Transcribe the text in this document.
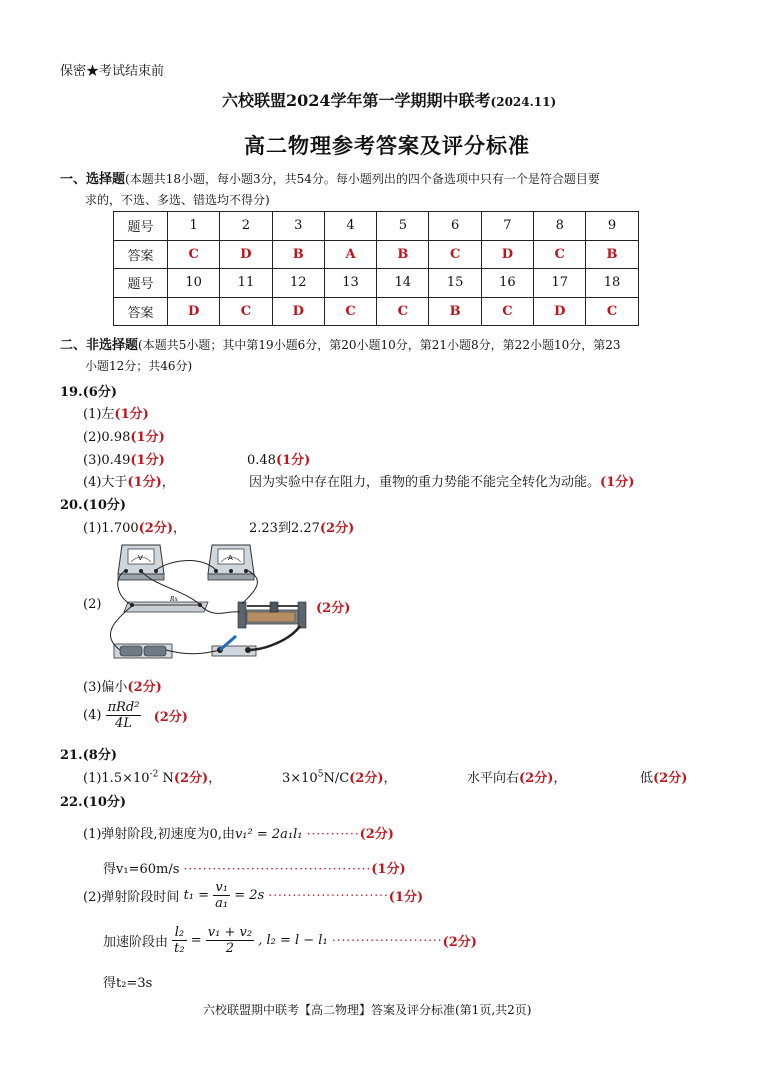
保密★考试结束前
六校联盟2024学年第一学期期中联考(2024.11)
高二物理参考答案及评分标准
一、选择题(本题共18小题，每小题3分，共54分。每小题列出的四个备选项中只有一个是符合题目要
求的，不选、多选、错选均不得分)
题号	1	2	3	4	5	6	7	8	9
答案	C	D	B	A	B	C	D	C	B
题号	10	11	12	13	14	15	16	17	18
答案	D	C	D	C	C	B	C	D	C
二、非选择题(本题共5小题；其中第19小题6分，第20小题10分，第21小题8分，第22小题10分，第23
小题12分；共46分)
19.(6分)
(1)左(1分)
(2)0.98(1分)
(3)0.49(1分)	0.48(1分)
(4)大于(1分)，	因为实验中存在阻力，重物的重力势能不能完全转化为动能。(1分)
20.(10分)
(1)1.700(2分)，	2.23到2.27(2分)
(2)
V	A
Rx
(2分)
(3)偏小(2分)
$(4) \frac{\text{πRd²}}{4L} (2$分)
21.(8分)
$(1)1.5\times 10^{-2}$ N(2分)，	$3\times 10^5N/C(2$分)，	水平向右(2分)，	低(2分)
22.(10分)
(1)弹射阶段,初速度为0,由v₁² = 2a₁l₁ ···········(2分)
得v₁=60m/s ·······································(1分)
(2)弹射阶段时间 $t_1 = \frac{\text{v₁}}{\text{a₁}} = 2s \cdot\cdot\cdot\cdot\cdot\cdot\cdot\cdot\cdot\cdot\cdot\cdot\cdot\cdot\cdot\cdot\cdot\cdot\cdot\cdot\cdot\cdot\cdot\cdot\cdot(1$分)
加速阶段由 $\frac{\text{l₂}}{\text{t₂}} = \frac{\text{v₁ + v₂}}{2}$ , l₂ = l − l₁ ·······················(2分)
得t₂=3s
六校联盟期中联考【高二物理】答案及评分标准(第1页,共2页)
